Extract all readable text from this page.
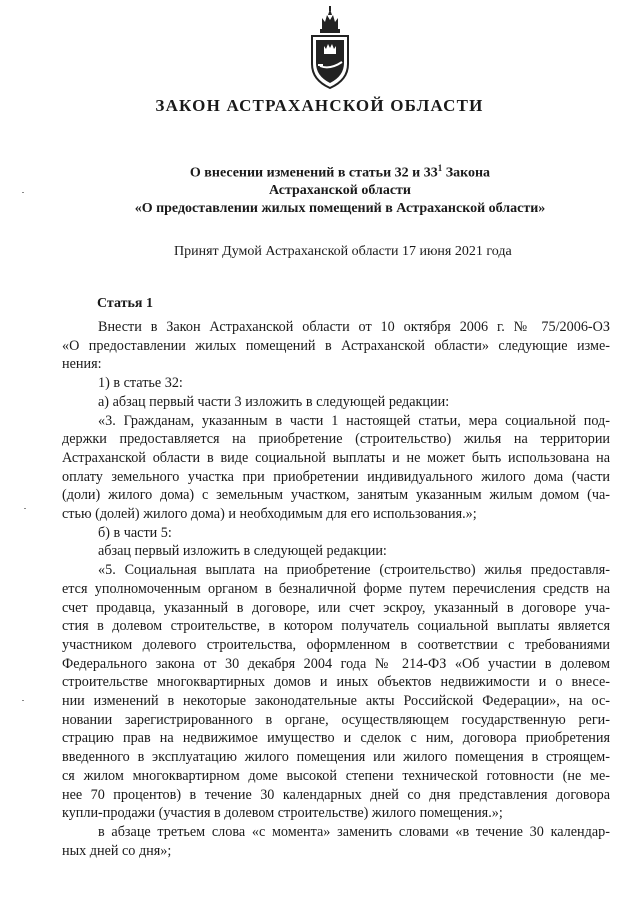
ЗАКОН АСТРАХАНСКОЙ ОБЛАСТИ
О внесении изменений в статьи 32 и $33^1$ Закона
Астраханской области
«О предоставлении жилых помещений в Астраханской области»
Принят Думой Астраханской области 17 июня 2021 года
Статья 1
Внести в Закон Астраханской области от 10 октября 2006 г. № 75/2006-ОЗ
«О предоставлении жилых помещений в Астраханской области» следующие изме-
нения:
1) в статье 32:
а) абзац первый части 3 изложить в следующей редакции:
«3. Гражданам, указанным в части 1 настоящей статьи, мера социальной под-
держки предоставляется на приобретение (строительство) жилья на территории
Астраханской области в виде социальной выплаты и не может быть использована на
оплату земельного участка при приобретении индивидуального жилого дома (части
(доли) жилого дома) с земельным участком, занятым указанным жилым домом (ча-
стью (долей) жилого дома) и необходимым для его использования.»;
б) в части 5:
абзац первый изложить в следующей редакции:
«5. Социальная выплата на приобретение (строительство) жилья предоставля-
ется уполномоченным органом в безналичной форме путем перечисления средств на
счет продавца, указанный в договоре, или счет эскроу, указанный в договоре уча-
стия в долевом строительстве, в котором получатель социальной выплаты является
участником долевого строительства, оформленном в соответствии с требованиями
Федерального закона от 30 декабря 2004 года № 214-ФЗ «Об участии в долевом
строительстве многоквартирных домов и иных объектов недвижимости и о внесе-
нии изменений в некоторые законодательные акты Российской Федерации», на ос-
новании зарегистрированного в органе, осуществляющем государственную реги-
страцию прав на недвижимое имущество и сделок с ним, договора приобретения
введенного в эксплуатацию жилого помещения или жилого помещения в строящем-
ся жилом многоквартирном доме высокой степени технической готовности (не ме-
нее 70 процентов) в течение 30 календарных дней со дня представления договора
купли-продажи (участия в долевом строительстве) жилого помещения.»;
в абзаце третьем слова «с момента» заменить словами «в течение 30 календар-
ных дней со дня»;
